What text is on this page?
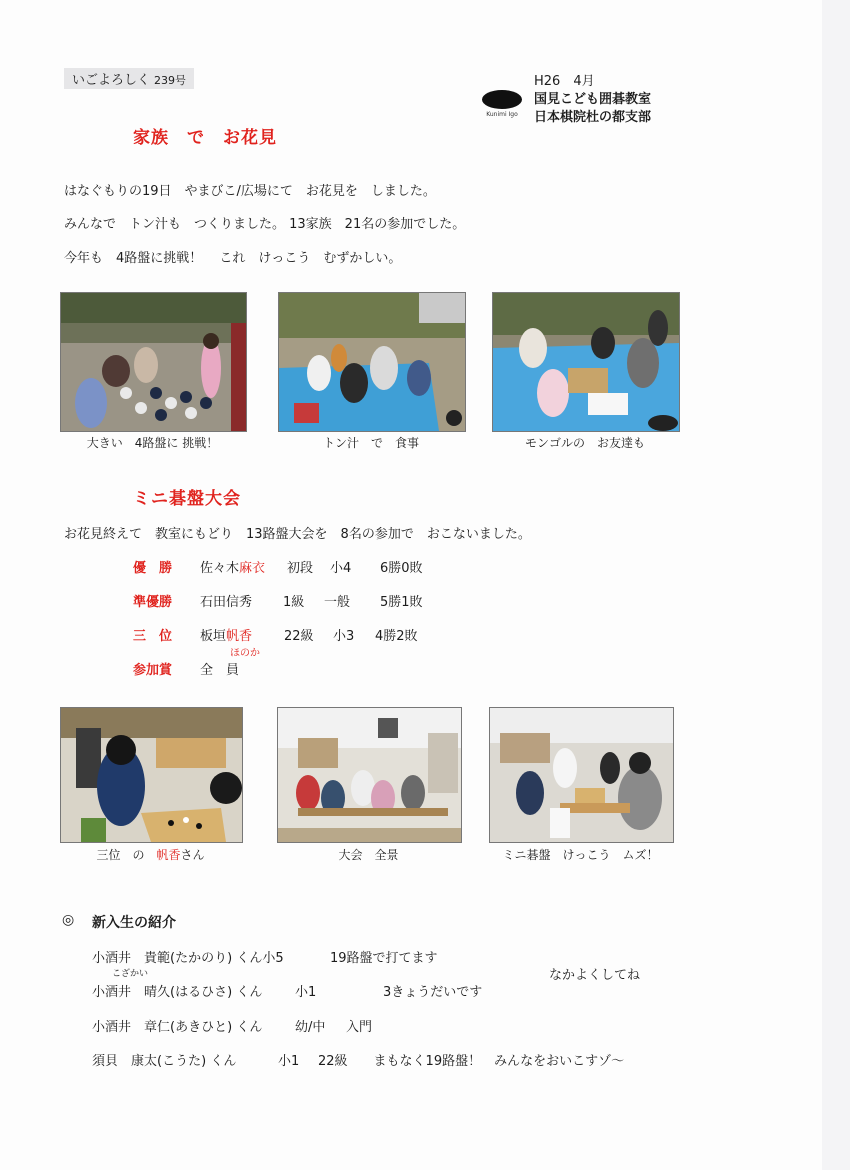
いごよろしく 239号
Kunimi Igo
H26　4月
国見こども囲碁教室
日本棋院杜の都支部
家族　で　お花見
はなぐもりの19日　やまびこ/広場にて　お花見を　しました。
みんなで　トン汁も　つくりました。 13家族　21名の参加でした。
今年も　4路盤に挑戦！　 これ　けっこう　むずかしい。
大きい　4路盤に 挑戦！	トン汁　で　食事	モンゴルの　お友達も
ミニ碁盤大会
お花見終えて　教室にもどり　13路盤大会を　8名の参加で　おこないました。
優　勝 佐々木麻衣 初段 小4 6勝0敗
準優勝 石田信秀 1級 一般 5勝1敗
三　位 板垣帆香 22級 小3 4勝2敗
ほのか
参加賞 全　員
三位　の　帆香さん	大会　全景	ミニ碁盤　けっこう　ムズ！
◎ 新入生の紹介
小酒井　貴範(たかのり) くん小5	19路盤で打てます
なかよくしてね
こざかい
小酒井　晴久(はるひさ) くん	小1	3きょうだいです
小酒井　章仁(あきひと) くん	幼/中 入門
須貝　康太(こうた) くん	小1 22級　　まもなく19路盤！　みんなをおいこすゾ～
